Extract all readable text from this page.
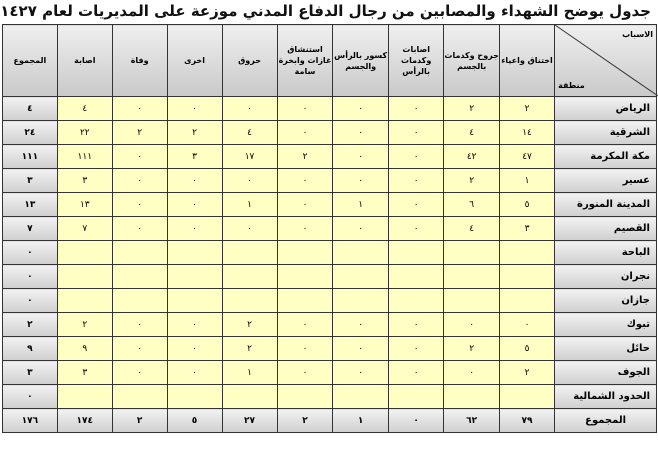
جدول يوضح الشهداء والمصابين من رجال الدفاع المدني موزعة على المديريات لعام ١٤٢٧
الاسباب
منطقة	اختناق واعياء	جروح وكدمات بالجسم	اصابات وكدمات بالرأس	كسور بالرأس والجسم	استنشاق غازات وابخرة سامة	حروق	اخرى	وفاة	اصابة	المجموع
الرياض	٢	٢	٠	٠	٠	٠	٠	٠	٤	٤
الشرقية	١٤	٤	٠	٠	٠	٤	٢	٢	٢٢	٢٤
مكة المكرمة	٤٧	٤٢	٠	٠	٢	١٧	٣	٠	١١١	١١١
عسير	١	٢	٠	٠	٠	٠	٠	٠	٣	٣
المدينة المنورة	٥	٦	٠	١	٠	١	٠	٠	١٣	١٣
القصيم	٣	٤	٠	٠	٠	٠	٠	٠	٧	٧
الباحة										٠
نجران										٠
جازان										٠
تبوك	٠	٠	٠	٠	٠	٢	٠	٠	٢	٢
حائل	٥	٢	٠	٠	٠	٢	٠	٠	٩	٩
الجوف	٢	٠	٠	٠	٠	١	٠	٠	٣	٣
الحدود الشمالية										٠
المجموع	٧٩	٦٢	٠	١	٢	٢٧	٥	٢	١٧٤	١٧٦
